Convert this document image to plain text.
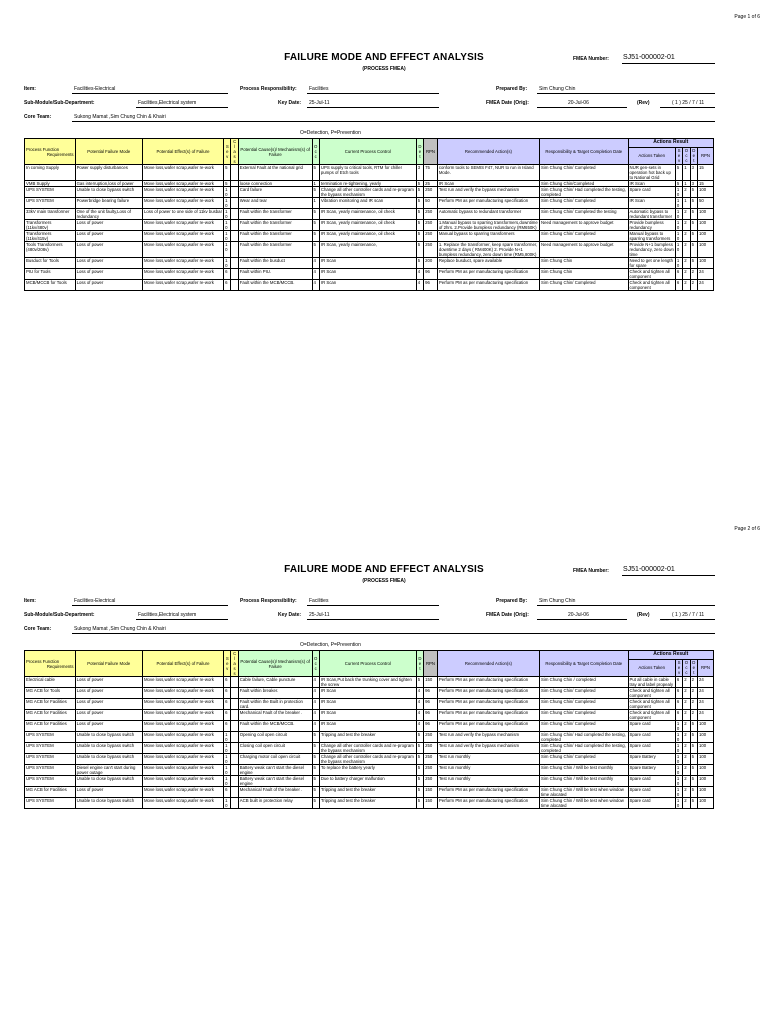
Page 1 of 6
FAILURE MODE AND EFFECT ANALYSIS
(PROCESS FMEA)
FMEA Number: SJ51-000002-01
Item:	Facilities-Electrical	Process Responsibility: Facilities	Prepared By: Sim Chung Chin
Sub-Module/Sub-Department:	Facilities,Electrical system	Key Date: 25-Jul-11	FMEA Date (Orig):	20-Jul-06	(Rev)	( 1 ) 25 / 7 / 11
Core Team:	Sukong Mamat ,Sim Chung Chin & Khairi
O=Detection, P=Prevention
Process Function
Requirements	Potential Failure Mode	Potential Effect(s) of Failure	S e v	C l a s s	Potential Cause(s)/ Mechanism(s) of Failure	O c c	Current Process Control	D e t	RPN	Recommended Action(s)	Responsibility & Target Completion Date	Actions Result				
												Actions Taken	S e v	O c c	D e t	RPN
In coming Supply	Power supply disturbances	Move loss,wafer scrap,wafer re-work	5		External Fault at the national grid	5	UPS supply to critical tools, RTM for chiller pumps of Etch tools	3	75	conform tools to SEMIS F47, NUR to run in Island Mode.	Sim Chung Chin/ Completed	NUR gen-sets in operation hot back up to National Grid	5	1	3	15
VMB Supply	Gas interruption,loss of power	Move loss,wafer scrap,wafer re-work	5		loose connection	1	termination re-tightening, yearly	5	25	IR Scan	Sim Chung Chin/Completed	IR Scan	5	1	3	15
UPS SYSTEM	Unable to close bypass switch	Move loss,wafer scrap,wafer re-work	10		Card failure	5	Change all other controller cards and re-program the bypass mechanism	5	250	Test run and verify the bypass mechanism	Sim Chung Chin/ Had completed the testing, completed	Spare card	10	2	5	100
UPS SYSTEM	Powerbridge bearing failure	Move loss,wafer scrap,wafer re-work	10		Wear and tear	1	Vibration monitoring and IR scan	5	50	Perform PM as per manufacturing specification	Sim Chung Chin/ Completed	IR Scan	10	1	5	50
33kV main transformer	One of the unit faulty,Loss of redundancy	Loss of power to one side of 11kv busbar	10		Fault within the transformer	5	IR Scan, yearly maintenance, oil check	5	250	Automatic bypass to redundant transformer	Sim Chung Chin/ Completed the testing	Automatic bypass to redundant transformer	10	2	5	100
Transformers (11kv/480v)	Loss of power	Move loss,wafer scrap,wafer re-work	10		Fault within the transformer	5	IR Scan, yearly maintenance, oil check	5	250	1.Manual bypass to sparring transformers,downtime of 2hrs. 2.Provide bumpless redundancy (RM650K)	Need management to approve budget	Provide bumpless redundancy	10	2	5	100
Transformers (11kv/415v)	Loss of power	Move loss,wafer scrap,wafer re-work	10		Fault within the transformer	5	IR Scan, yearly maintenance, oil check	5	250	Manual bypass to sparring transformers	Sim Chung Chin/ Completed	Manual bypass to sparring transformers	10	2	5	100
Tools Transformers (480v/208v)	Loss of power	Move loss,wafer scrap,wafer re-work	10		Fault within the transformer	5	IR Scan, yearly maintenance,	5	250	1. Replace the transformer, keep spare transformer, downtime 2 days ( RM400K) 2. Provide N+1 bumpless redundancy, zero down time (RM5,800K)	Need management to approve budget	Provide N+1 bumpless redundancy, zero down time	10	2	5	100
Busduct for Tools	Loss of power	Move loss,wafer scrap,wafer re-work	10		Fault within the busduct	4	IR Scan	5	200	Replace busduct, spare available	Sim Chung Chin	Need to get one length for spare	10	2	5	100
PIU for Tools	Loss of power	Move loss,wafer scrap,wafer re-work	6		Fault within PIU.	4	IR Scan	4	96	Perform PM as per manufacturing specification	Sim Chung Chin	Check and tighten all component	6	2	2	24
MCB/MCCB for Tools	Loss of power	Move loss,wafer scrap,wafer re-work	6		Fault within the MCB/MCCB.	4	IR Scan	4	96	Perform PM as per manufacturing specification	Sim Chung Chin/ Completed	Check and tighten all component	6	2	2	24
Page 2 of 6
FAILURE MODE AND EFFECT ANALYSIS
(PROCESS FMEA)
FMEA Number: SJ51-000002-01
Item:	Facilities-Electrical	Process Responsibility: Facilities	Prepared By: Sim Chung Chin
Sub-Module/Sub-Department:	Facilities,Electrical system	Key Date: 25-Jul-11	FMEA Date (Orig):	20-Jul-06	(Rev)	( 1 ) 25 / 7 / 11
Core Team:	Sukong Mamat ,Sim Chung Chin & Khairi
O=Detection, P=Prevention
Process Function
Requirements	Potential Failure Mode	Potential Effect(s) of Failure	S e v	C l a s s	Potential Cause(s)/ Mechanism(s) of Failure	O c c	Current Process Control	D e t	RPN	Recommended Action(s)	Responsibility & Target Completion Date	Actions Result				
												Actions Taken	S e v	O c c	D e t	RPN
Electrical cable	Loss of power	Move loss,wafer scrap,wafer re-work	6		Cable failure, Cable puncture	4	IR Scan,Put back the trunking cover and tighten the screw	5	150	Perform PM as per manufacturing specification	Sim Chung Chin / completed	Put all cable in cable tray and label propealy	6	2	2	24
MG ACB for Tools	Loss of power	Move loss,wafer scrap,wafer re-work	6		Fault within breaker.	4	IR Scan	4	96	Perform PM as per manufacturing specification	Sim Chung Chin/ Completed	Check and tighten all component	6	2	2	24
MG ACB for Facilities	Loss of power	Move loss,wafer scrap,wafer re-work	6		Fault within the Built in protection card.	4	IR Scan	4	96	Perform PM as per manufacturing specification	Sim Chung Chin/ Completed	Check and tighten all component	6	2	2	24
MG ACB for Facilities	Loss of power	Move loss,wafer scrap,wafer re-work	6		Mechanical Fault of the breaker .	4	IR Scan	4	96	Perform PM as per manufacturing specification	Sim Chung Chin/ Completed	Check and tighten all component	6	2	2	24
MG ACB for Facilities	Loss of power	Move loss,wafer scrap,wafer re-work	6		Fault within the MCB/MCCB.	4	IR Scan	4	96	Perform PM as per manufacturing specification	Sim Chung Chin/ Completed	Spare card	10	2	5	100
UPS SYSTEM	Unable to close bypass switch	Move loss,wafer scrap,wafer re-work	10		Opening coil open circuit	5	Tripping and test the breaker	5	250	Test run and verify the bypass mechanism	Sim Chung Chin/ Had completed the testing, completed	Spare card	10	2	5	100
UPS SYSTEM	Unable to close bypass switch	Move loss,wafer scrap,wafer re-work	10		Closing coil open circuit	5	Change all other controller cards and re-program the bypass mechanism	5	250	Test run and verify the bypass mechanism	Sim Chung Chin/ Had completed the testing, completed	Spare card	10	2	5	100
UPS SYSTEM	Unable to close bypass switch	Move loss,wafer scrap,wafer re-work	10		Charging motor coil open circuit	5	Change all other controller cards and re-program the bypass mechanism	5	250	Test run monthly	Sim Chung Chin/ Completed	Spare Battery	10	2	5	100
UPS SYSTEM	Diesel engine can't start during power outage	Move loss,wafer scrap,wafer re-work	10		Battery weak can't start the diesel engine	5	To replace the battery yearly	5	250	Test run monthly	Sim Chung Chin / Will be test monthly	Spare Battery	10	2	5	100
UPS SYSTEM	Unable to close bypass switch	Move loss,wafer scrap,wafer re-work	10		Battery weak can't start the diesel engine	5	Due to battery charger malfuntion	5	250	Test run monthly	Sim Chung Chin / Will be test monthly	Spare card	10	2	5	100
MG ACB for Facilities	Loss of power	Move loss,wafer scrap,wafer re-work	6		Mechanical Fault of the breaker .	5	Tripping and test the breaker	5	150	Perform PM as per manufacturing specification	Sim Chung Chin / Will be test when window time alocated	Spare card	10	2	5	100
UPS SYSTEM	Unable to close bypass switch	Move loss,wafer scrap,wafer re-work	10		ACB built in protection relay	5	Tripping and test the breaker	5	150	Perform PM as per manufacturing specification	Sim Chung Chin / Will be test when window time alocated	Spare card	10	2	5	100
